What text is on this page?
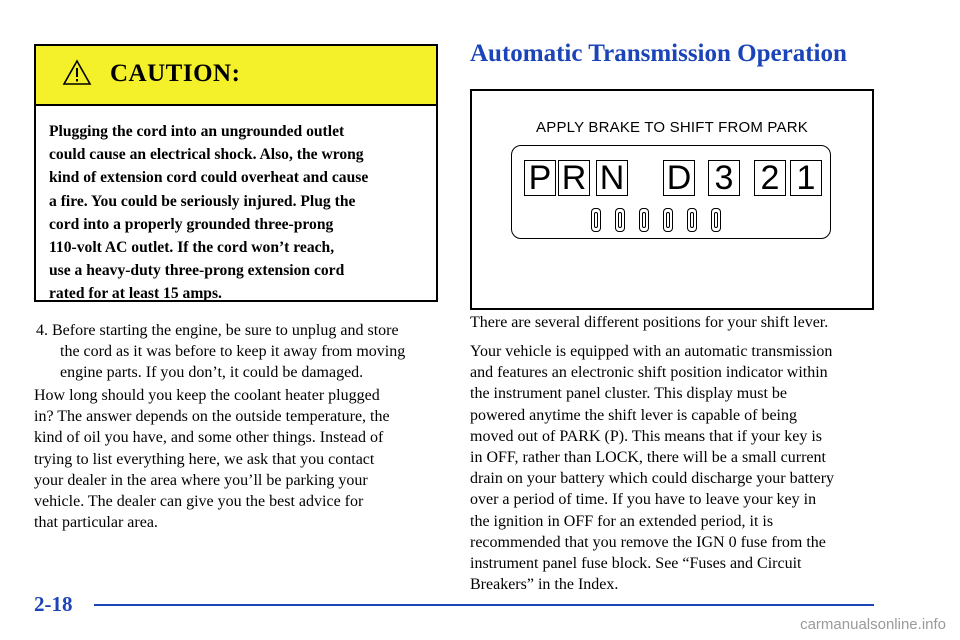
CAUTION:
Plugging the cord into an ungrounded outlet
could cause an electrical shock. Also, the wrong
kind of extension cord could overheat and cause
a fire. You could be seriously injured. Plug the
cord into a properly grounded three-prong
110-volt AC outlet. If the cord won’t reach,
use a heavy-duty three-prong extension cord
rated for at least 15 amps.
4. Before starting the engine, be sure to unplug and store
the cord as it was before to keep it away from moving
engine parts. If you don’t, it could be damaged.
How long should you keep the coolant heater plugged
in? The answer depends on the outside temperature, the
kind of oil you have, and some other things. Instead of
trying to list everything here, we ask that you contact
your dealer in the area where you’ll be parking your
vehicle. The dealer can give you the best advice for
that particular area.
Automatic Transmission Operation
APPLY BRAKE TO SHIFT FROM PARK
P R N D 3 2 1
There are several different positions for your shift lever.
Your vehicle is equipped with an automatic transmission
and features an electronic shift position indicator within
the instrument panel cluster. This display must be
powered anytime the shift lever is capable of being
moved out of PARK (P). This means that if your key is
in OFF, rather than LOCK, there will be a small current
drain on your battery which could discharge your battery
over a period of time. If you have to leave your key in
the ignition in OFF for an extended period, it is
recommended that you remove the IGN 0 fuse from the
instrument panel fuse block. See “Fuses and Circuit
Breakers” in the Index.
2-18
carmanualsonline.info
